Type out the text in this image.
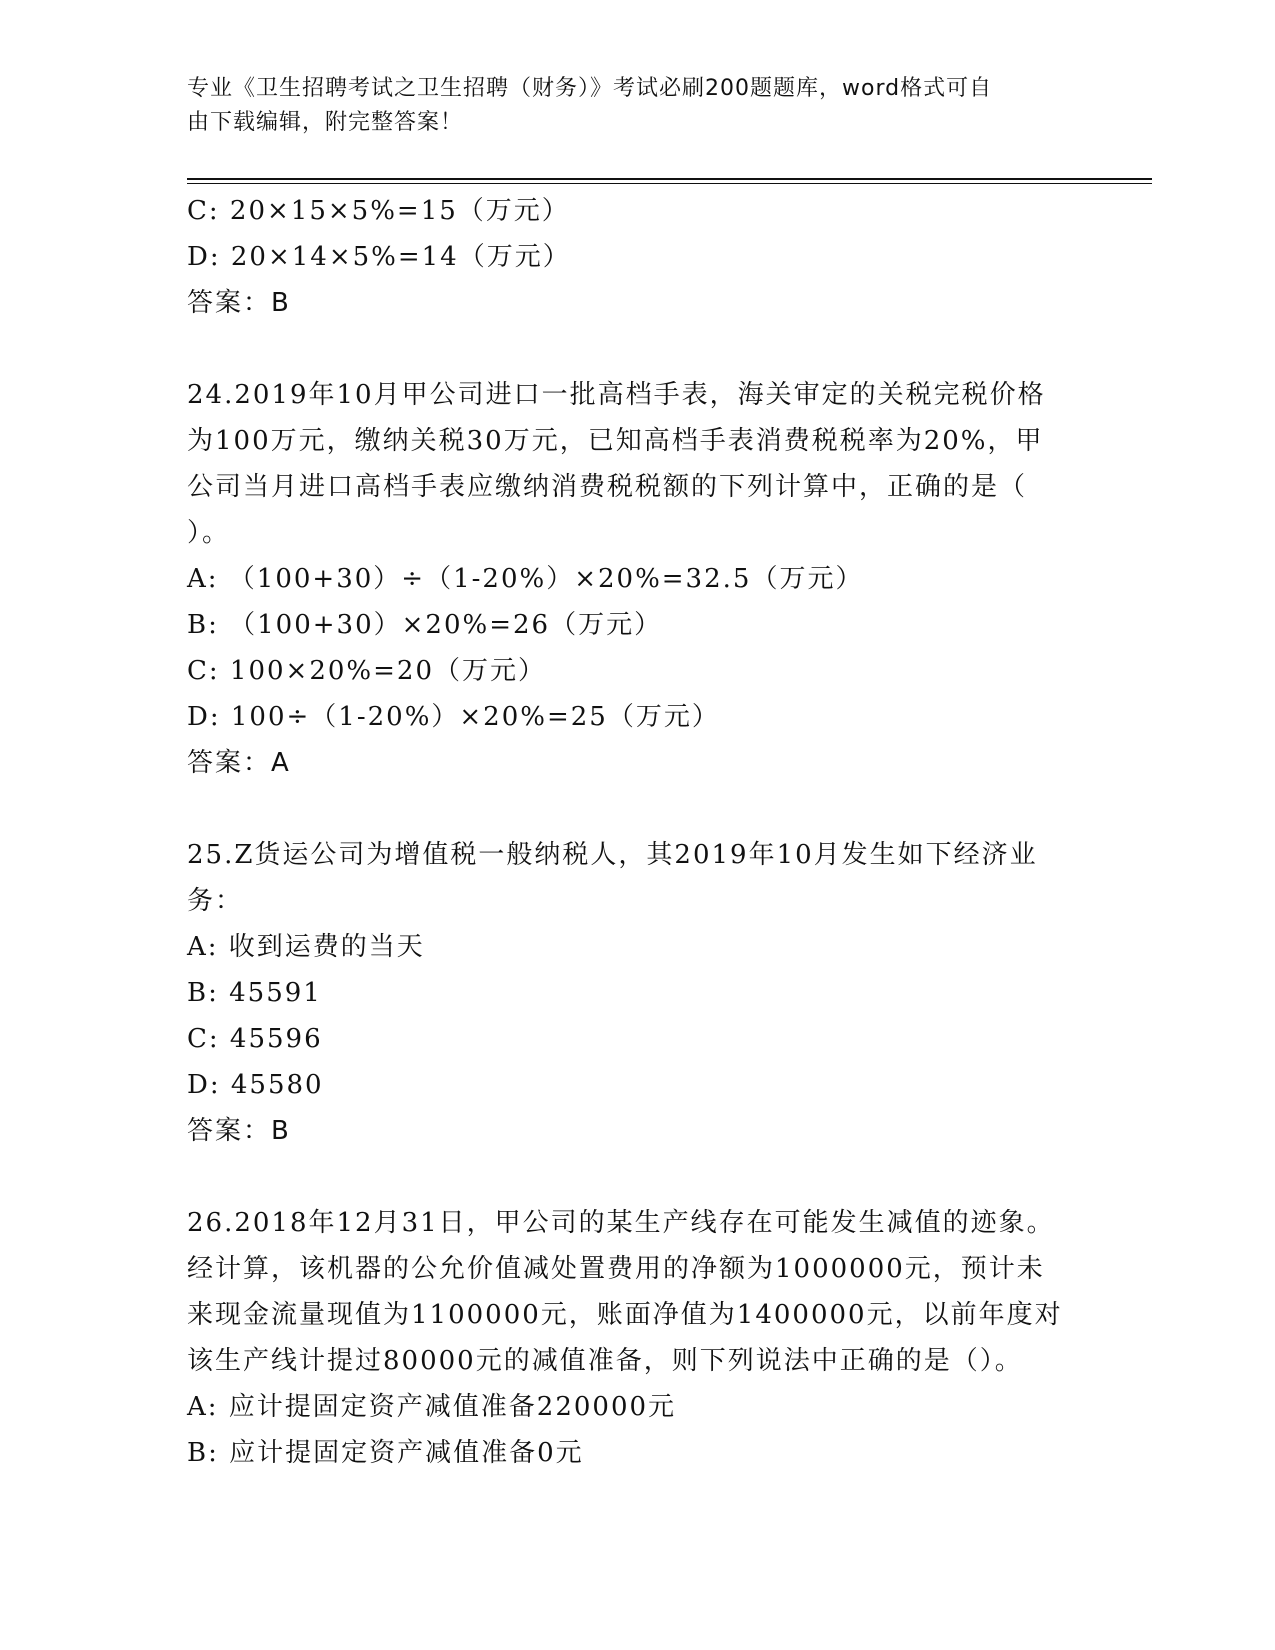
专业《卫生招聘考试之卫生招聘（财务）》考试必刷200题题库，word格式可自
由下载编辑，附完整答案！
C: 20×15×5%=15（万元）
D: 20×14×5%=14（万元）
答案：B
24.2019年10月甲公司进口一批高档手表，海关审定的关税完税价格
为100万元，缴纳关税30万元，已知高档手表消费税税率为20%，甲
公司当月进口高档手表应缴纳消费税税额的下列计算中，正确的是（
）。
A: （100+30）÷（1-20%）×20%=32.5（万元）
B: （100+30）×20%=26（万元）
C: 100×20%=20（万元）
D: 100÷（1-20%）×20%=25（万元）
答案：A
25.Z货运公司为增值税一般纳税人，其2019年10月发生如下经济业
务：
A: 收到运费的当天
B: 45591
C: 45596
D: 45580
答案：B
26.2018年12月31日，甲公司的某生产线存在可能发生减值的迹象。
经计算，该机器的公允价值减处置费用的净额为1000000元，预计未
来现金流量现值为1100000元，账面净值为1400000元，以前年度对
该生产线计提过80000元的减值准备，则下列说法中正确的是（）。
A: 应计提固定资产减值准备220000元
B: 应计提固定资产减值准备0元
